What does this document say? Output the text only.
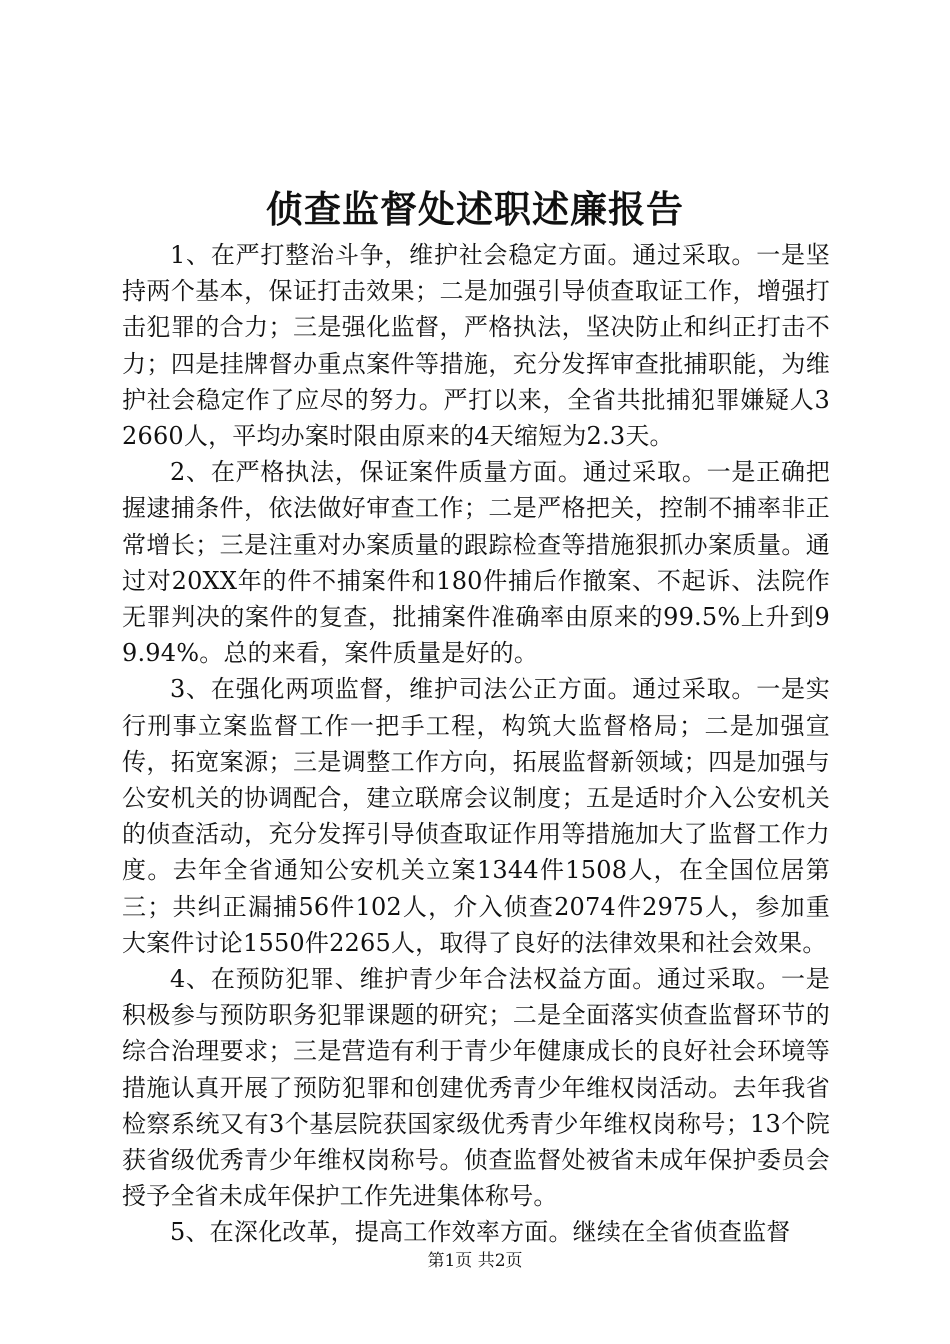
侦查监督处述职述廉报告

1、在严打整治斗争，维护社会稳定方面。通过采取。一是坚持两个基本，保证打击效果；二是加强引导侦查取证工作，增强打击犯罪的合力；三是强化监督，严格执法，坚决防止和纠正打击不力；四是挂牌督办重点案件等措施，充分发挥审查批捕职能，为维护社会稳定作了应尽的努力。严打以来，全省共批捕犯罪嫌疑人32660人，平均办案时限由原来的4天缩短为2.3天。

2、在严格执法，保证案件质量方面。通过采取。一是正确把握逮捕条件，依法做好审查工作；二是严格把关，控制不捕率非正常增长；三是注重对办案质量的跟踪检查等措施狠抓办案质量。通过对20XX年的件不捕案件和180件捕后作撤案、不起诉、法院作无罪判决的案件的复查，批捕案件准确率由原来的99.5%上升到99.94%。总的来看，案件质量是好的。

3、在强化两项监督，维护司法公正方面。通过采取。一是实行刑事立案监督工作一把手工程，构筑大监督格局；二是加强宣传，拓宽案源；三是调整工作方向，拓展监督新领域；四是加强与公安机关的协调配合，建立联席会议制度；五是适时介入公安机关的侦查活动，充分发挥引导侦查取证作用等措施加大了监督工作力度。去年全省通知公安机关立案1344件1508人，在全国位居第三；共纠正漏捕56件102人，介入侦查2074件2975人，参加重大案件讨论1550件2265人，取得了良好的法律效果和社会效果。

4、在预防犯罪、维护青少年合法权益方面。通过采取。一是积极参与预防职务犯罪课题的研究；二是全面落实侦查监督环节的综合治理要求；三是营造有利于青少年健康成长的良好社会环境等措施认真开展了预防犯罪和创建优秀青少年维权岗活动。去年我省检察系统又有3个基层院获国家级优秀青少年维权岗称号；13个院获省级优秀青少年维权岗称号。侦查监督处被省未成年保护委员会授予全省未成年保护工作先进集体称号。

5、在深化改革，提高工作效率方面。继续在全省侦查监督

第1页 共2页
